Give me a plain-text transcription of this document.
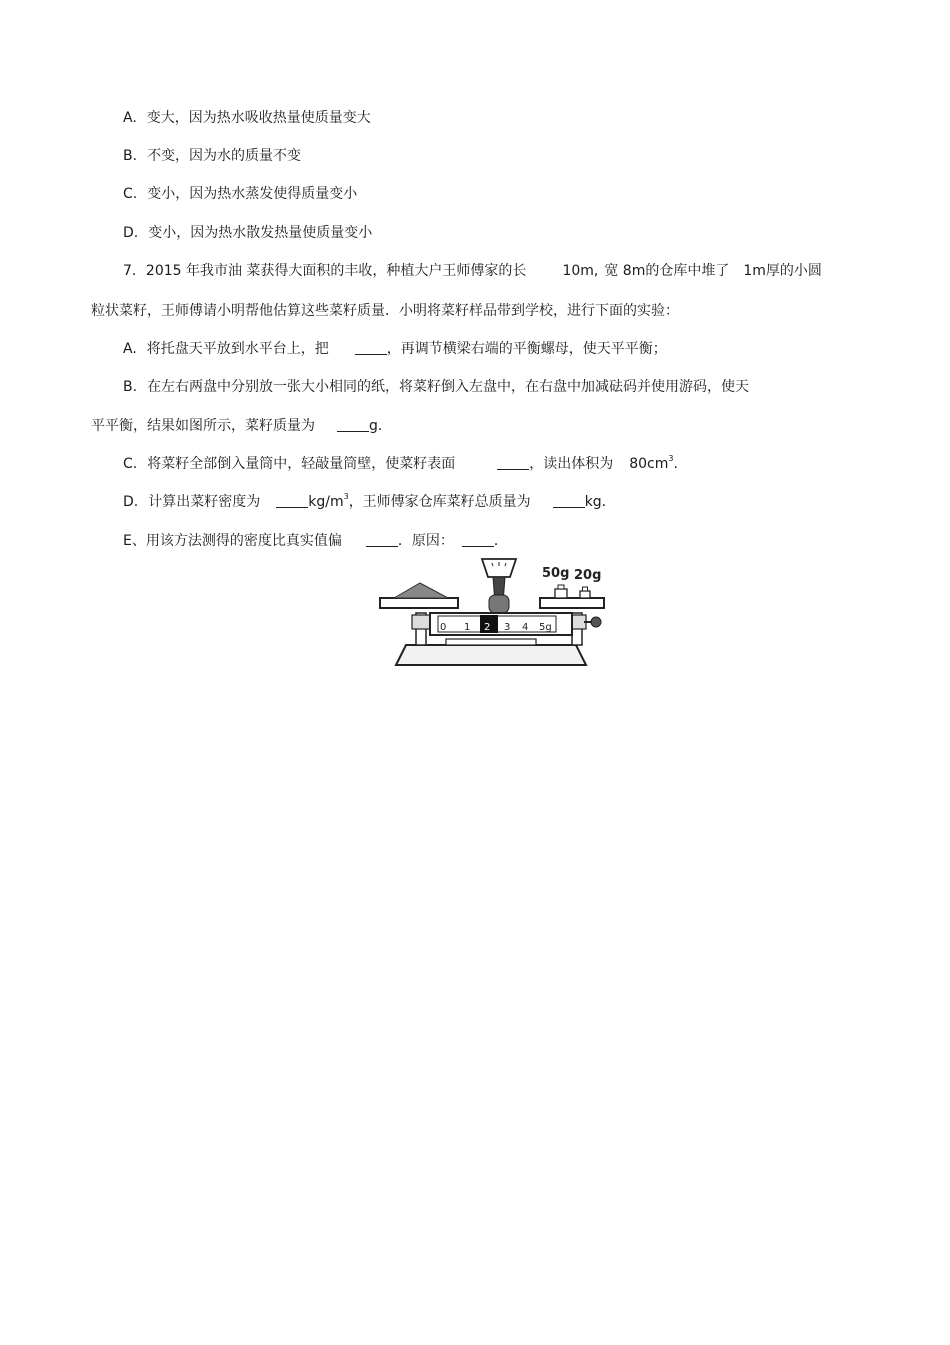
A. 变大，因为热水吸收热量使质量变大
B. 不变，因为水的质量不变
C. 变小，因为热水蒸发使得质量变小
D. 变小，因为热水散发热量使质量变小
7．2015 年我市油 菜获得大面积的丰收，种植大户王师傅家的长	10m, 宽 8m的仓库中堆了 1m厚的小圆
粒状菜籽，王师傅请小明帮他估算这些菜籽质量．小明将菜籽样品带到学校，进行下面的实验：
A. 将托盘天平放到水平台上，把	，再调节横梁右端的平衡螺母，使天平平衡；
B. 在左右两盘中分别放一张大小相同的纸，将菜籽倒入左盘中，在右盘中加减砝码并使用游码，使天
平平衡，结果如图所示，菜籽质量为	g．
C. 将菜籽全部倒入量筒中，轻敲量筒壁，使菜籽表面	，读出体积为 $80cm^3$.
D. 计算出菜籽密度为	$kg/m^3$，王师傅家仓库菜籽总质量为	kg．
E、用该方法测得的密度比真实值偏	．原因：	．
50g 20g
0 1 2 3 4 5g
